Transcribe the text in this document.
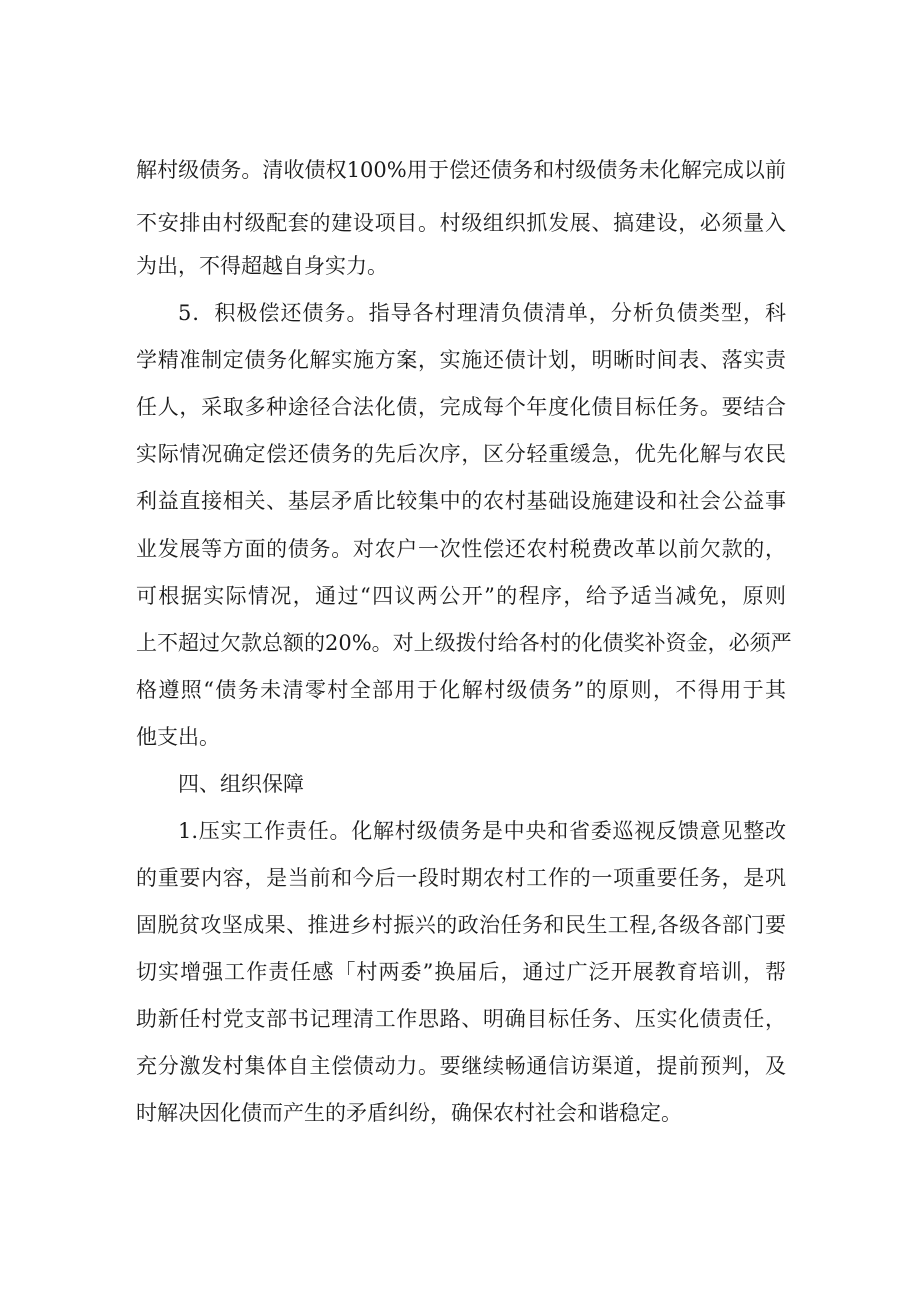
解村级债务。清收债权100%用于偿还债务和村级债务未化解完成以前
不安排由村级配套的建设项目。村级组织抓发展、搞建设，必须量入
为出，不得超越自身实力。
5．积极偿还债务。指导各村理清负债清单，分析负债类型，科
学精准制定债务化解实施方案，实施还债计划，明晰时间表、落实责
任人，采取多种途径合法化债，完成每个年度化债目标任务。要结合
实际情况确定偿还债务的先后次序，区分轻重缓急，优先化解与农民
利益直接相关、基层矛盾比较集中的农村基础设施建设和社会公益事
业发展等方面的债务。对农户一次性偿还农村税费改革以前欠款的，
可根据实际情况，通过“四议两公开”的程序，给予适当减免，原则
上不超过欠款总额的20%。对上级拨付给各村的化债奖补资金，必须严
格遵照“债务未清零村全部用于化解村级债务”的原则，不得用于其
他支出。
四、组织保障
1.压实工作责任。化解村级债务是中央和省委巡视反馈意见整改
的重要内容，是当前和今后一段时期农村工作的一项重要任务，是巩
固脱贫攻坚成果、推进乡村振兴的政治任务和民生工程,各级各部门要
切实增强工作责任感「村两委”换届后，通过广泛开展教育培训，帮
助新任村党支部书记理清工作思路、明确目标任务、压实化债责任，
充分激发村集体自主偿债动力。要继续畅通信访渠道，提前预判，及
时解决因化债而产生的矛盾纠纷，确保农村社会和谐稳定。
